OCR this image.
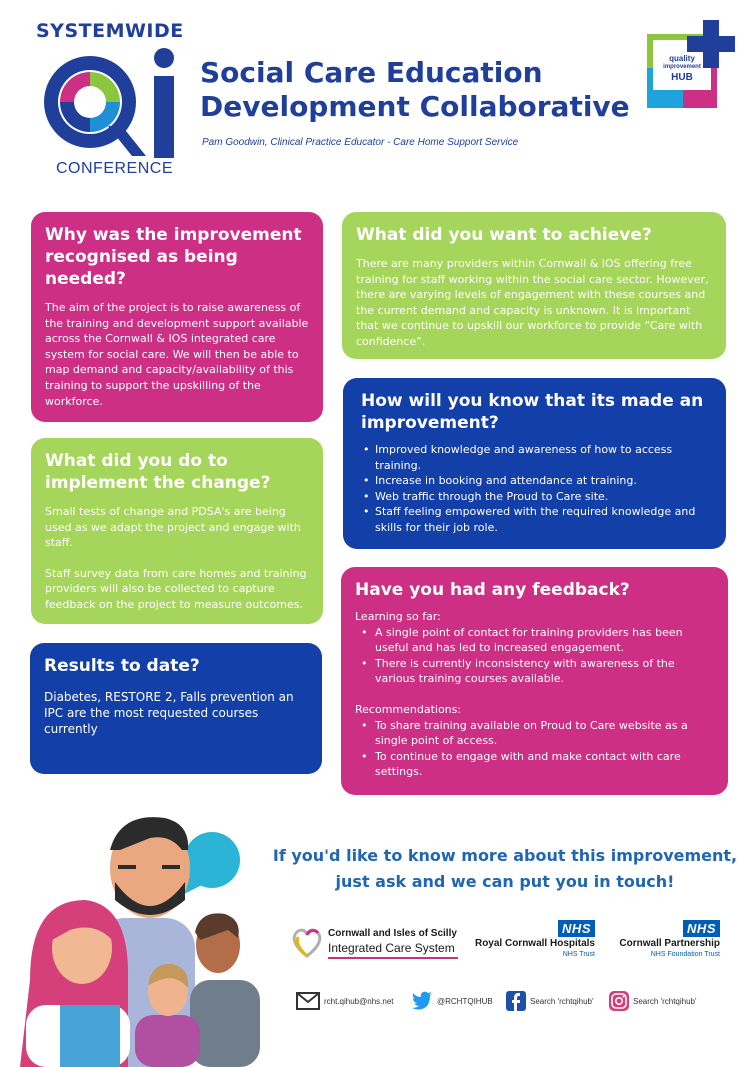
SYSTEMWIDE
CONFERENCE
Social Care Education
Development Collaborative
Pam Goodwin, Clinical Practice Educator - Care Home Support Service
quality
improvement
HUB
Why was the improvement recognised as being needed?

The aim of the project is to raise awareness of the training and development support available across the Cornwall & IOS integrated care system for social care. We will then be able to map demand and capacity/availability of this training to support the upskilling of the workforce.

What did you want to achieve?

There are many providers within Cornwall & IOS offering free training for staff working within the social care sector. However, there are varying levels of engagement with these courses and the current demand and capacity is unknown. It is important that we continue to upskill our workforce to provide “Care with confidence”.

How will you know that its made an improvement?
• Improved knowledge and awareness of how to access training.
• Increase in booking and attendance at training.
• Web traffic through the Proud to Care site.
• Staff feeling empowered with the required knowledge and skills for their job role.
What did you do to implement the change?

Small tests of change and PDSA's are being used as we adapt the project and engage with staff.

Staff survey data from care homes and training providers will also be collected to capture feedback on the project to measure outcomes.

Have you had any feedback?

Learning so far:

• A single point of contact for training providers has been useful and has led to increased engagement.
• There is currently inconsistency with awareness of the various training courses available.

Recommendations:

• To share training available on Proud to Care website as a single point of access.
• To continue to engage with and make contact with care settings.
Results to date?

Diabetes, RESTORE 2, Falls prevention an IPC are the most requested courses currently

If you'd like to know more about this improvement,
just ask and we can put you in touch!
Cornwall and Isles of Scilly
Integrated Care System
NHS
Royal Cornwall Hospitals
NHS Trust
NHS
Cornwall Partnership
NHS Foundation Trust
rcht.qihub@nhs.net	@RCHTQIHUB	Search 'rchtqihub'	Search 'rchtqihub'
